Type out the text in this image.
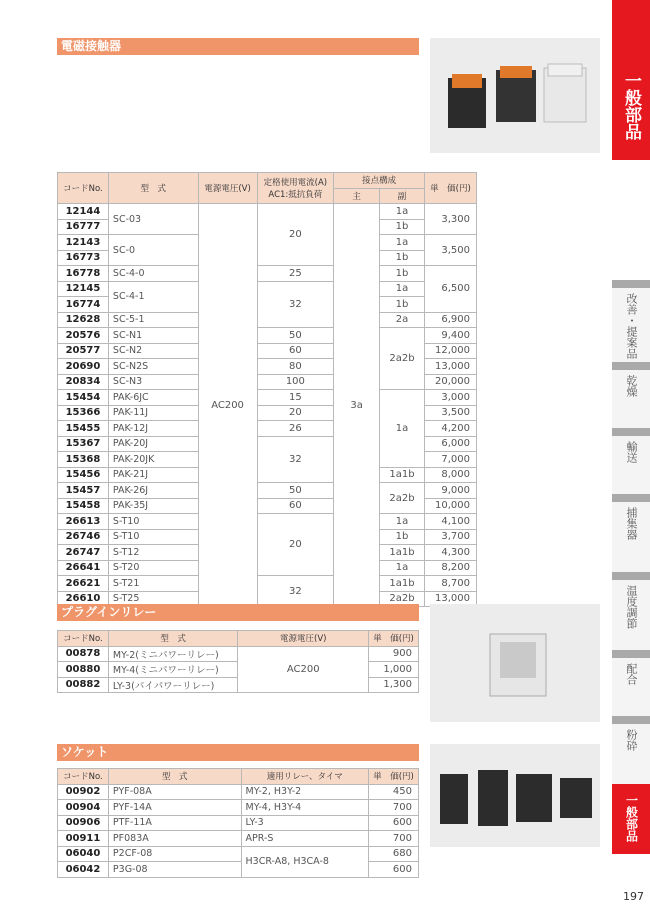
電磁接触器
コードNo.	型　式	電源電圧(V)	定格使用電流(A)
AC1:抵抗負荷	接点構成		単　価(円)
				主	副	
12144	SC-03	AC200	20	3a	1a	3,300
16777					1b	
12143	SC-0				1a	3,500
16773					1b	
16778	SC-4-0		25		1b	6,500
12145	SC-4-1		32		1a	
16774					1b	
12628	SC-5-1				2a	6,900
20576	SC-N1		50		2a2b	9,400
20577	SC-N2		60			12,000
20690	SC-N2S		80			13,000
20834	SC-N3		100			20,000
15454	PAK-6JC		15		1a	3,000
15366	PAK-11J		20			3,500
15455	PAK-12J		26			4,200
15367	PAK-20J		32			6,000
15368	PAK-20JK					7,000
15456	PAK-21J				1a1b	8,000
15457	PAK-26J		50		2a2b	9,000
15458	PAK-35J		60			10,000
26613	S-T10		20		1a	4,100
26746	S-T10				1b	3,700
26747	S-T12				1a1b	4,300
26641	S-T20				1a	8,200
26621	S-T21		32		1a1b	8,700
26610	S-T25				2a2b	13,000
プラグインリレー
コードNo.	型　式	電源電圧(V)	単　価(円)
00878	MY-2(ミニパワーリレー)	AC200	900
00880	MY-4(ミニパワーリレー)		1,000
00882	LY-3(パイパワーリレー)		1,300
ソケット
コードNo.	型　式	適用リレー、タイマ	単　価(円)
00902	PYF-08A	MY-2, H3Y-2	450
00904	PYF-14A	MY-4, H3Y-4	700
00906	PTF-11A	LY-3	600
00911	PF083A	APR-S	700
06040	P2CF-08	H3CR-A8, H3CA-8	680
06042	P3G-08		600
一般部品
改善・提案品
乾燥
輸送
捕集器
温度調節
配合
粉砕
一般部品
197
